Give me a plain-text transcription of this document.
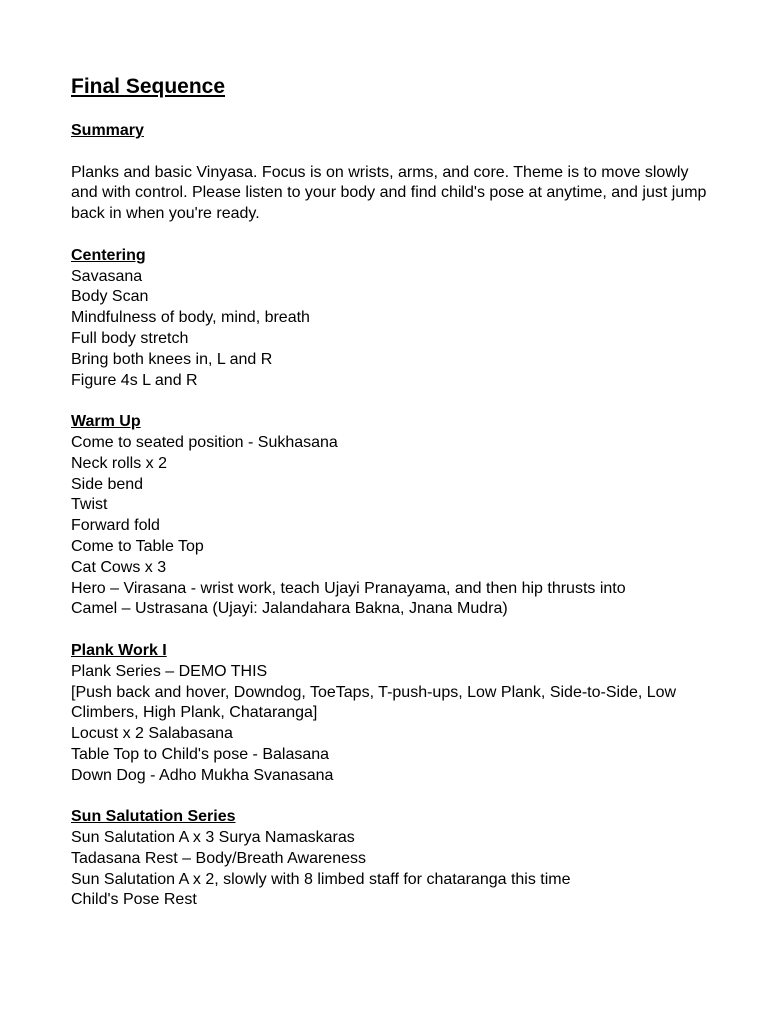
Final Sequence

Summary

Planks and basic Vinyasa. Focus is on wrists, arms, and core. Theme is to move slowly and with control. Please listen to your body and find child's pose at anytime, and just jump back in when you're ready.

Centering

Savasana

Body Scan

Mindfulness of body, mind, breath

Full body stretch

Bring both knees in, L and R

Figure 4s L and R

Warm Up

Come to seated position - Sukhasana

Neck rolls x 2

Side bend

Twist

Forward fold

Come to Table Top

Cat Cows x 3

Hero – Virasana - wrist work, teach Ujayi Pranayama, and then hip thrusts into

Camel – Ustrasana (Ujayi: Jalandahara Bakna, Jnana Mudra)

Plank Work I

Plank Series – DEMO THIS

[Push back and hover, Downdog, ToeTaps, T-push-ups, Low Plank, Side-to-Side, Low Climbers, High Plank, Chataranga]

Locust x 2 Salabasana

Table Top to Child's pose - Balasana

Down Dog - Adho Mukha Svanasana

Sun Salutation Series

Sun Salutation A x 3 Surya Namaskaras

Tadasana Rest – Body/Breath Awareness

Sun Salutation A x 2, slowly with 8 limbed staff for chataranga this time

Child's Pose Rest
